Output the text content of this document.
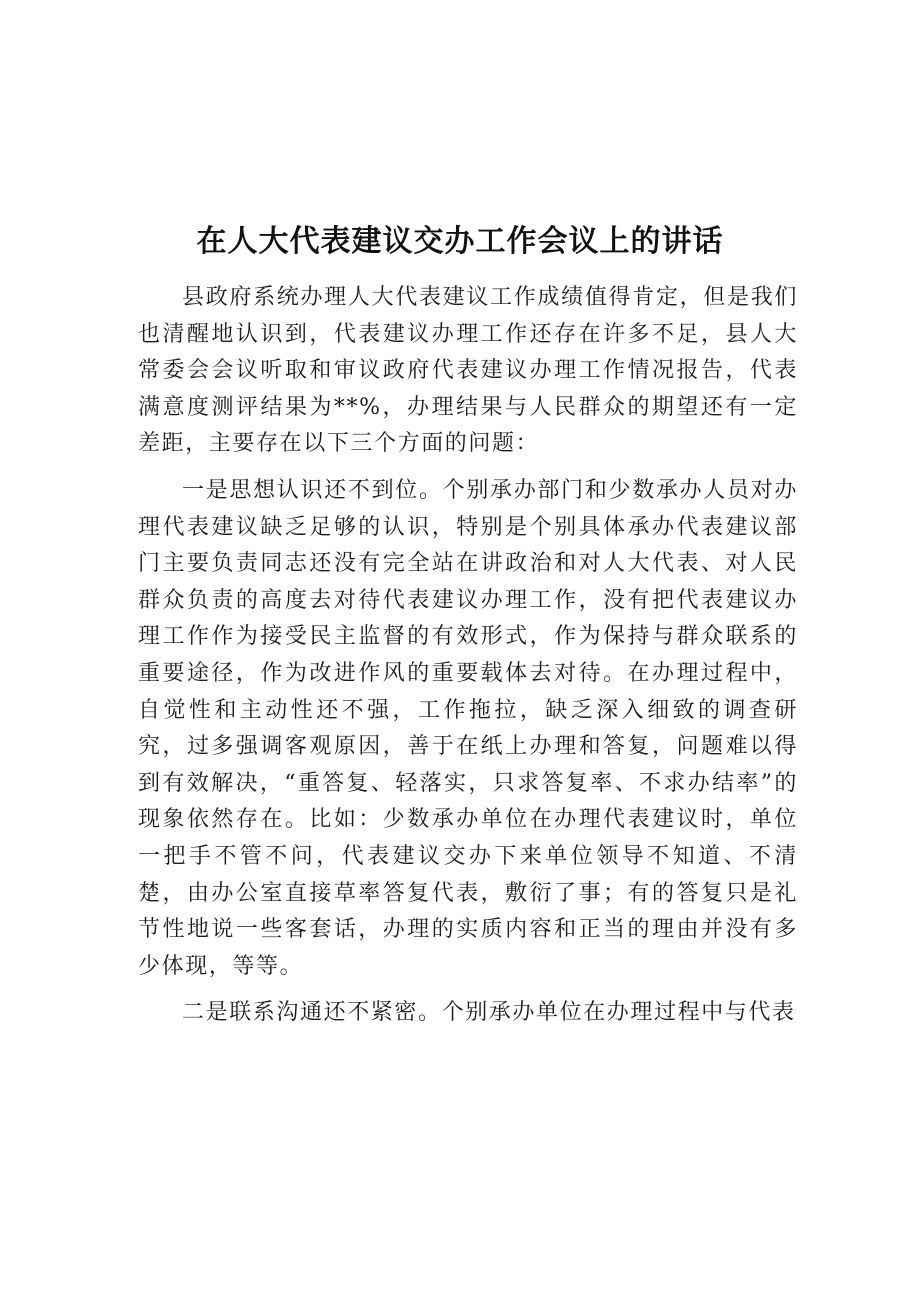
在人大代表建议交办工作会议上的讲话

县政府系统办理人大代表建议工作成绩值得肯定，但是我们也清醒地认识到，代表建议办理工作还存在许多不足，县人大常委会会议听取和审议政府代表建议办理工作情况报告，代表满意度测评结果为**%，办理结果与人民群众的期望还有一定差距，主要存在以下三个方面的问题：

一是思想认识还不到位。个别承办部门和少数承办人员对办理代表建议缺乏足够的认识，特别是个别具体承办代表建议部门主要负责同志还没有完全站在讲政治和对人大代表、对人民群众负责的高度去对待代表建议办理工作，没有把代表建议办理工作作为接受民主监督的有效形式，作为保持与群众联系的重要途径，作为改进作风的重要载体去对待。在办理过程中，自觉性和主动性还不强，工作拖拉，缺乏深入细致的调查研究，过多强调客观原因，善于在纸上办理和答复，问题难以得到有效解决，“重答复、轻落实，只求答复率、不求办结率”的现象依然存在。比如：少数承办单位在办理代表建议时，单位一把手不管不问，代表建议交办下来单位领导不知道、不清楚，由办公室直接草率答复代表，敷衍了事；有的答复只是礼节性地说一些客套话，办理的实质内容和正当的理由并没有多少体现，等等。

二是联系沟通还不紧密。个别承办单位在办理过程中与代表
